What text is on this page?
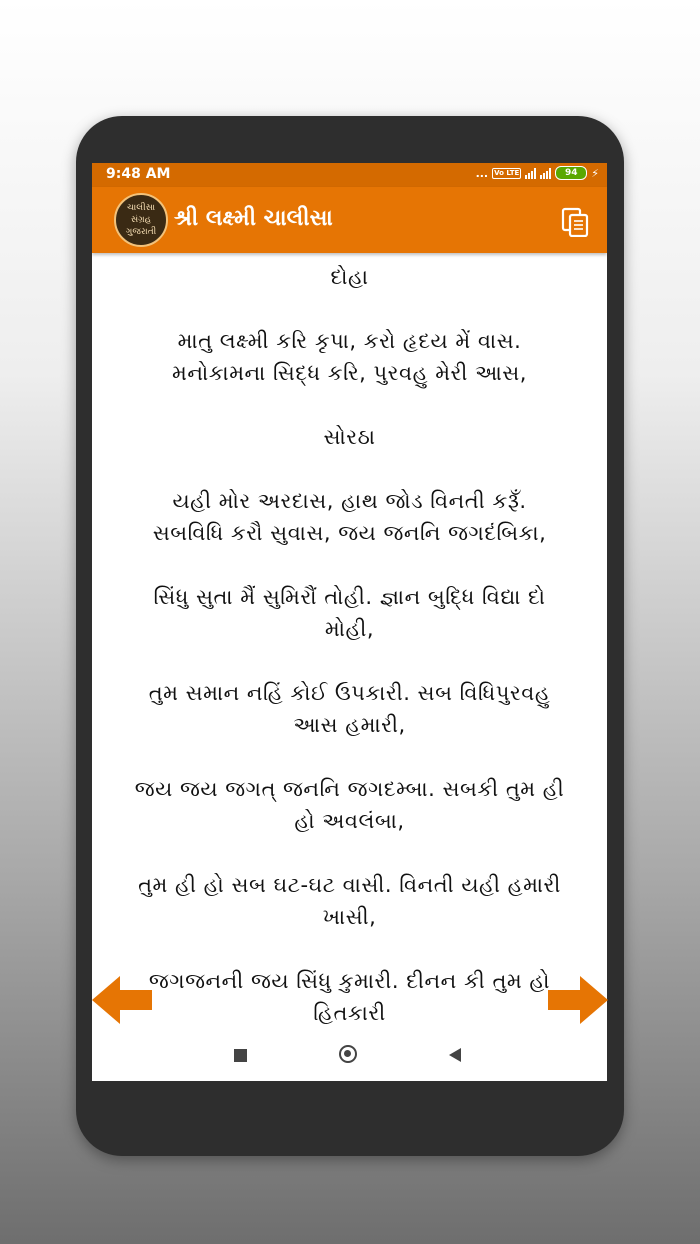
9:48 AM	... Vo LTE	94	⚡
ચાલીસા
સંગ્રહ
ગુજરાતી
શ્રી લક્ષ્મી ચાલીસા
દોહા
માતુ લક્ષ્મી કરિ કૃપા, કરો હૃદય મેં વાસ.
મનોકામના સિદ્ધ કરિ, પુરવહુ મેરી આસ,
સોરઠા
યહી મોર અરદાસ, હાથ જોડ વિનતી કરૂઁ.
સબવિધિ કરૌ સુવાસ, જય જનનિ જગદંબિકા,
સિંધુ સુતા મૈં સુમિરૌં તોહી. જ્ઞાન બુદ્ધિ વિદ્યા દો
મોહી,
તુમ સમાન નહિં કોઈ ઉપકારી. સબ વિધિપુરવહુ
આસ હમારી,
જય જય જગત્ જનનિ જગદમ્બા. સબકી તુમ હી
હો અવલંબા,
તુમ હી હો સબ ઘટ-ઘટ વાસી. વિનતી યહી હમારી
ખાસી,
જગજનની જય સિંધુ કુમારી. દીનન કી તુમ હો
હિતકારી
